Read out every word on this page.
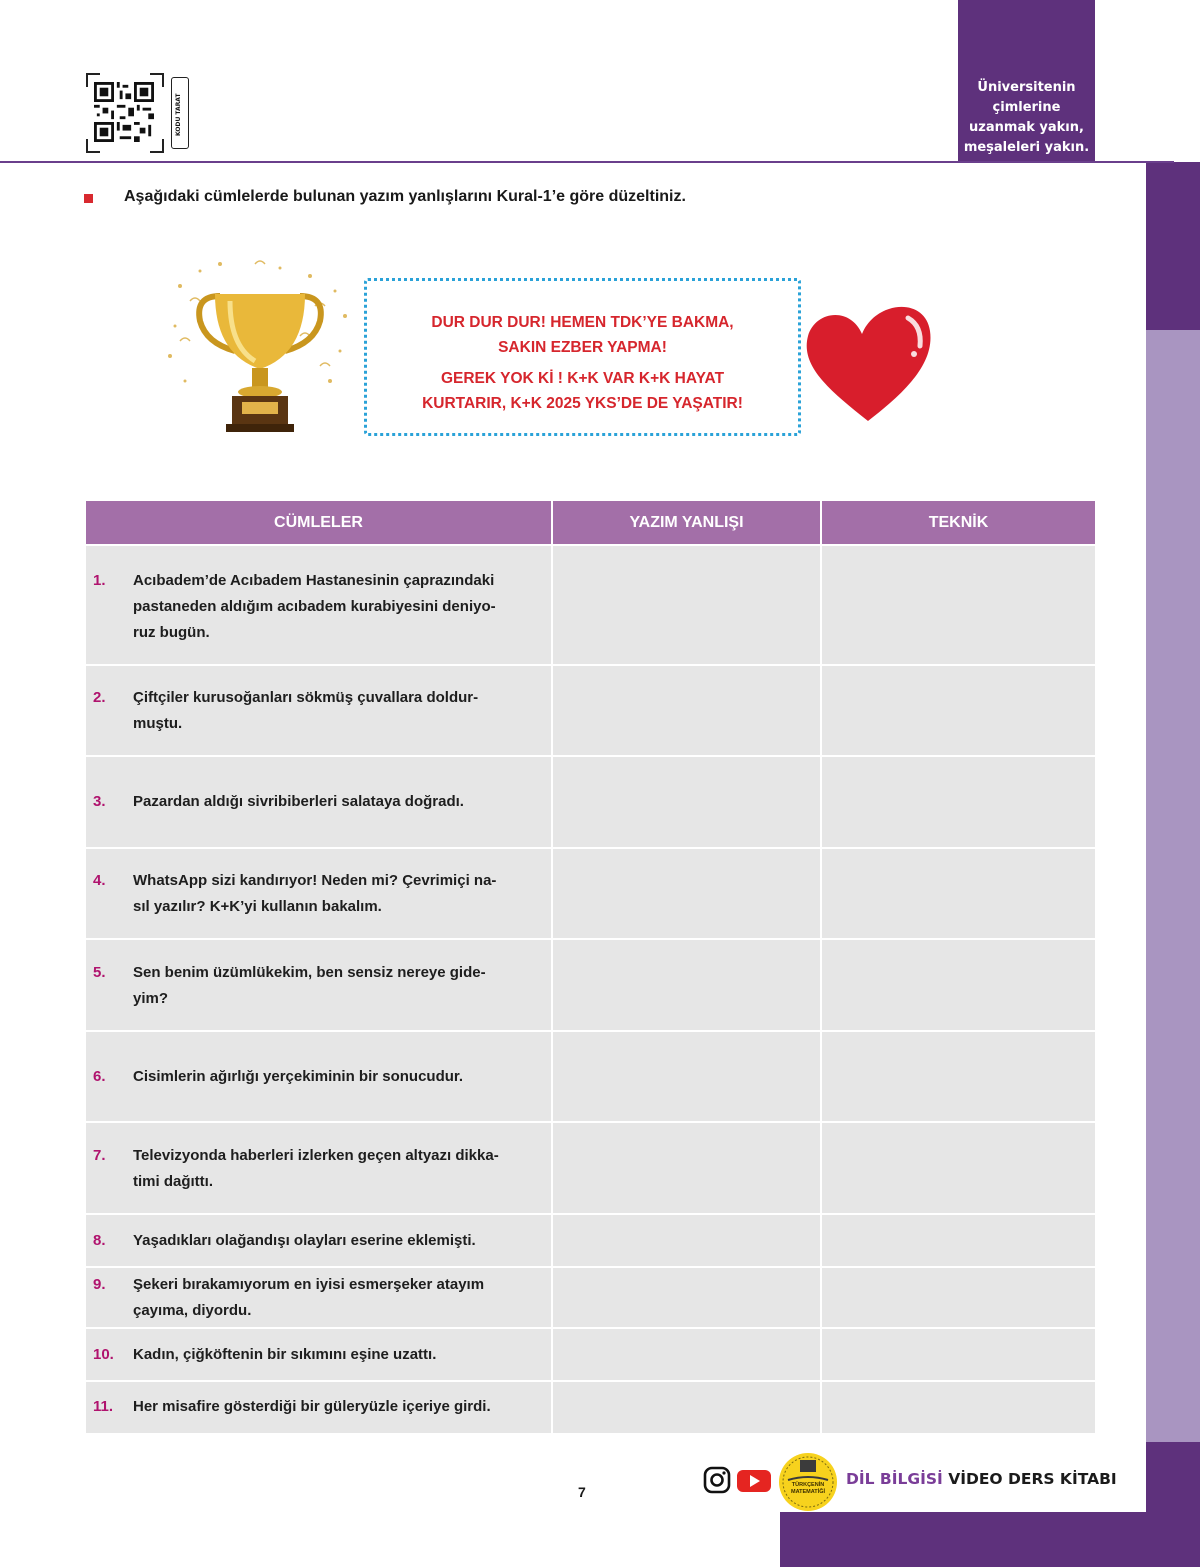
Üniversitenin
çimlerine
uzanmak yakın,
meşaleleri yakın.
KODU TARAT
Aşağıdaki cümlelerde bulunan yazım yanlışlarını Kural-1’e göre düzeltiniz.
DUR DUR DUR! HEMEN TDK’YE BAKMA,
SAKIN EZBER YAPMA!
GEREK YOK Kİ ! K+K VAR K+K HAYAT
KURTARIR, K+K 2025 YKS’DE DE YAŞATIR!
CÜMLELER	YAZIM YANLIŞI	TEKNİK
1.	Acıbadem’de Acıbadem Hastanesinin çaprazındaki
pastaneden aldığım acıbadem kurabiyesini deniyo-
ruz bugün.
2.	Çiftçiler kurusoğanları sökmüş çuvallara doldur-
muştu.
3.	Pazardan aldığı sivribiberleri salataya doğradı.
4.	WhatsApp sizi kandırıyor! Neden mi? Çevrimiçi na-
sıl yazılır? K+K’yi kullanın bakalım.
5.	Sen benim üzümlükekim, ben sensiz nereye gide-
yim?
6.	Cisimlerin ağırlığı yerçekiminin bir sonucudur.
7.	Televizyonda haberleri izlerken geçen altyazı dikka-
timi dağıttı.
8.	Yaşadıkları olağandışı olayları eserine eklemişti.
9.	Şekeri bırakamıyorum en iyisi esmerşeker atayım
çayıma, diyordu.
10.	Kadın, çiğköftenin bir sıkımını eşine uzattı.
11.	Her misafire gösterdiği bir güleryüzle içeriye girdi.
7	TÜRKÇENİN
MATEMATİĞİ
DİL BİLGİSİ VİDEO DERS KİTABI
